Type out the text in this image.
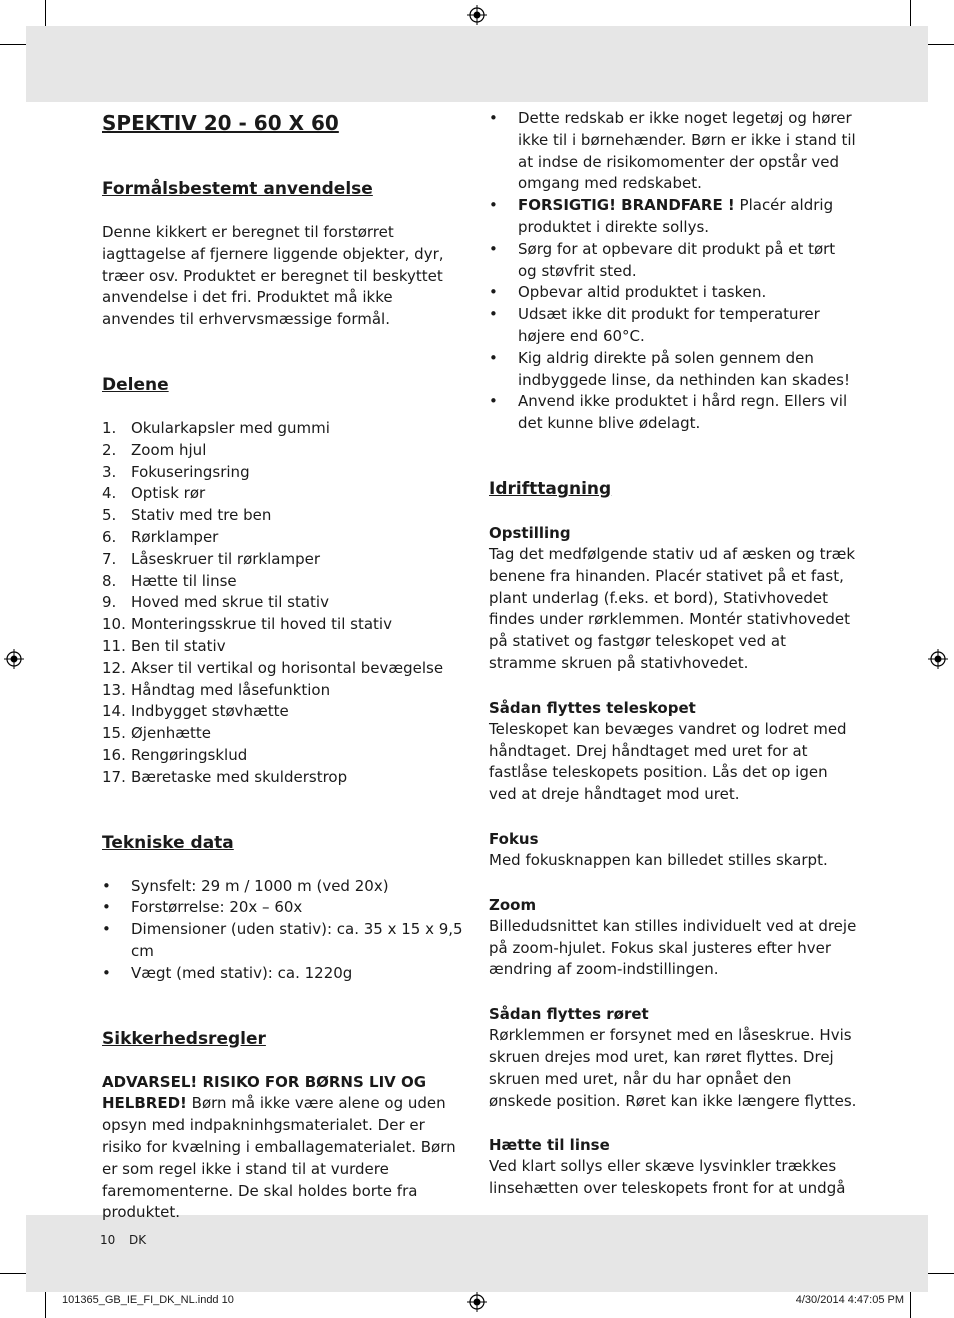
SPEKTIV 20 - 60 X 60
Formålsbestemt anvendelse

Denne kikkert er beregnet til forstørret iagttagelse af fjernere liggende objekter, dyr, træer osv. Produktet er beregnet til beskyttet anvendelse i det fri. Produktet må ikke anvendes til erhvervsmæssige formål.

Delene
1. Okularkapsler med gummi
2. Zoom hjul
3. Fokuseringsring
4. Optisk rør
5. Stativ med tre ben
6. Rørklamper
7. Låseskruer til rørklamper
8. Hætte til linse
9. Hoved med skrue til stativ
10. Monteringsskrue til hoved til stativ
11. Ben til stativ
12. Akser til vertikal og horisontal bevægelse
13. Håndtag med låsefunktion
14. Indbygget støvhætte
15. Øjenhætte
16. Rengøringsklud
17. Bæretaske med skulderstrop
Tekniske data
• Synsfelt: 29 m / 1000 m (ved 20x)
• Forstørrelse: 20x – 60x
• Dimensioner (uden stativ): ca. 35 x 15 x 9,5 cm
• Vægt (med stativ): ca. 1220g
Sikkerhedsregler

ADVARSEL! RISIKO FOR BØRNS LIV OG HELBRED! Børn må ikke være alene og uden opsyn med indpakninhgsmaterialet. Der er risiko for kvælning i emballagematerialet. Børn er som regel ikke i stand til at vurdere faremomenterne. De skal holdes borte fra produktet.

• Dette redskab er ikke noget legetøj og hører ikke til i børnehænder. Børn er ikke i stand til at indse de risikomomenter der opstår ved omgang med redskabet.
• FORSIGTIG! BRANDFARE ! Placér aldrig produktet i direkte sollys.
• Sørg for at opbevare dit produkt på et tørt og støvfrit sted.
• Opbevar altid produktet i tasken.
• Udsæt ikke dit produkt for temperaturer højere end 60°C.
• Kig aldrig direkte på solen gennem den indbyggede linse, da nethinden kan skades!
• Anvend ikke produktet i hård regn. Ellers vil det kunne blive ødelagt.
Idrifttagning
Opstilling

Tag det medfølgende stativ ud af æsken og træk benene fra hinanden. Placér stativet på et fast, plant underlag (f.eks. et bord), Stativhovedet findes under rørklemmen. Montér stativhovedet på stativet og fastgør teleskopet ved at stramme skruen på stativhovedet.

Sådan flyttes teleskopet

Teleskopet kan bevæges vandret og lodret med håndtaget. Drej håndtaget med uret for at fastlåse teleskopets position. Lås det op igen ved at dreje håndtaget mod uret.

Fokus

Med fokusknappen kan billedet stilles skarpt.

Zoom

Billedudsnittet kan stilles individuelt ved at dreje på zoom-hjulet. Fokus skal justeres efter hver ændring af zoom-indstillingen.

Sådan flyttes røret

Rørklemmen er forsynet med en låseskrue. Hvis skruen drejes mod uret, kan røret flyttes. Drej skruen med uret, når du har opnået den ønskede position. Røret kan ikke længere flyttes.

Hætte til linse

Ved klart sollys eller skæve lysvinkler trækkes linsehætten over teleskopets front for at undgå

10 DK
101365_GB_IE_FI_DK_NL.indd 10	4/30/2014 4:47:05 PM
